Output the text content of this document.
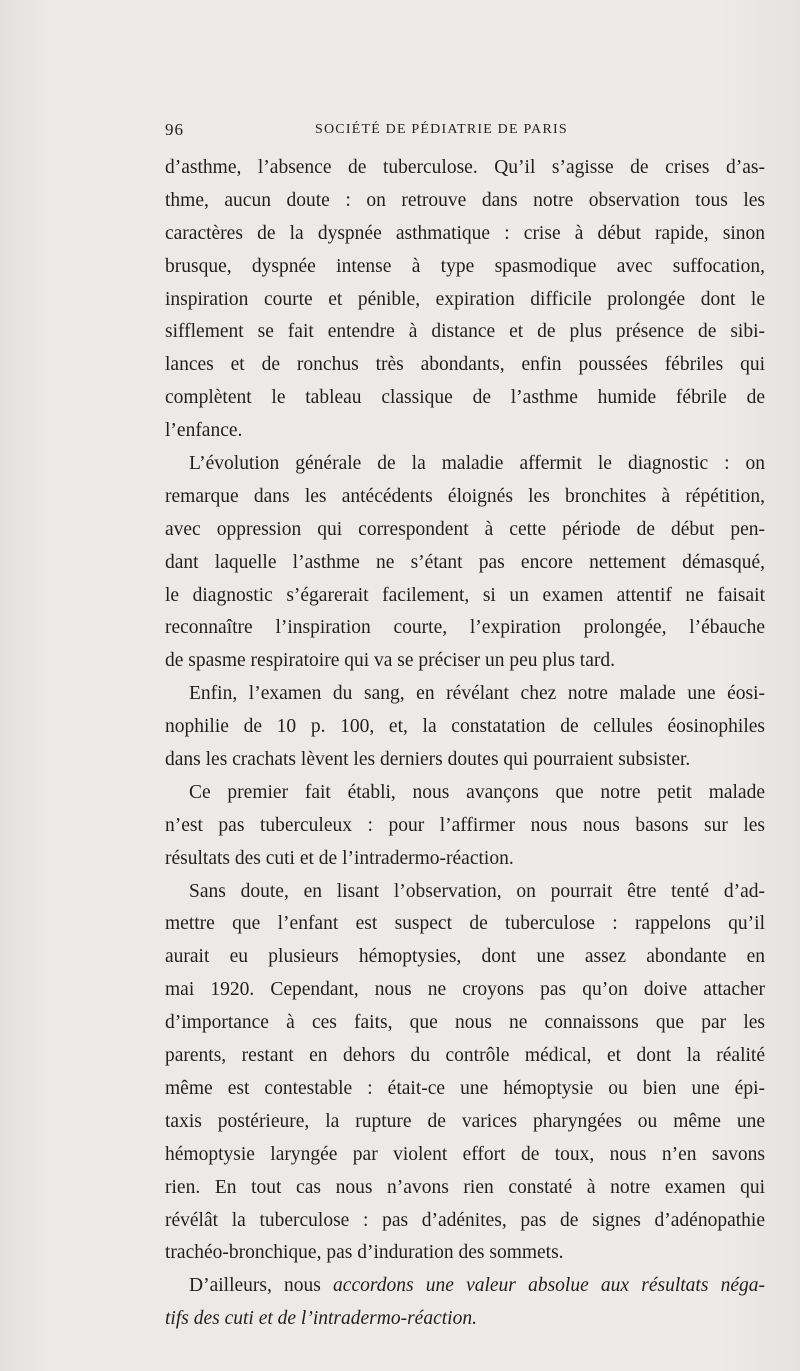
96	SOCIÉTÉ DE PÉDIATRIE DE PARIS
d’asthme, l’absence de tuberculose. Qu’il s’agisse de crises d’as-
thme, aucun doute : on retrouve dans notre observation tous les
caractères de la dyspnée asthmatique : crise à début rapide, sinon
brusque, dyspnée intense à type spasmodique avec suffocation,
inspiration courte et pénible, expiration difficile prolongée dont le
sifflement se fait entendre à distance et de plus présence de sibi-
lances et de ronchus très abondants, enfin poussées fébriles qui
complètent le tableau classique de l’asthme humide fébrile de
l’enfance.
L’évolution générale de la maladie affermit le diagnostic : on
remarque dans les antécédents éloignés les bronchites à répétition,
avec oppression qui correspondent à cette période de début pen-
dant laquelle l’asthme ne s’étant pas encore nettement démasqué,
le diagnostic s’égarerait facilement, si un examen attentif ne faisait
reconnaître l’inspiration courte, l’expiration prolongée, l’ébauche
de spasme respiratoire qui va se préciser un peu plus tard.
Enfin, l’examen du sang, en révélant chez notre malade une éosi-
nophilie de 10 p. 100, et, la constatation de cellules éosinophiles
dans les crachats lèvent les derniers doutes qui pourraient subsister.
Ce premier fait établi, nous avançons que notre petit malade
n’est pas tuberculeux : pour l’affirmer nous nous basons sur les
résultats des cuti et de l’intradermo-réaction.
Sans doute, en lisant l’observation, on pourrait être tenté d’ad-
mettre que l’enfant est suspect de tuberculose : rappelons qu’il
aurait eu plusieurs hémoptysies, dont une assez abondante en
mai 1920. Cependant, nous ne croyons pas qu’on doive attacher
d’importance à ces faits, que nous ne connaissons que par les
parents, restant en dehors du contrôle médical, et dont la réalité
même est contestable : était-ce une hémoptysie ou bien une épi-
taxis postérieure, la rupture de varices pharyngées ou même une
hémoptysie laryngée par violent effort de toux, nous n’en savons
rien. En tout cas nous n’avons rien constaté à notre examen qui
révélât la tuberculose : pas d’adénites, pas de signes d’adénopathie
trachéo-bronchique, pas d’induration des sommets.
D’ailleurs, nous accordons une valeur absolue aux résultats néga-
tifs des cuti et de l’intradermo-réaction.
